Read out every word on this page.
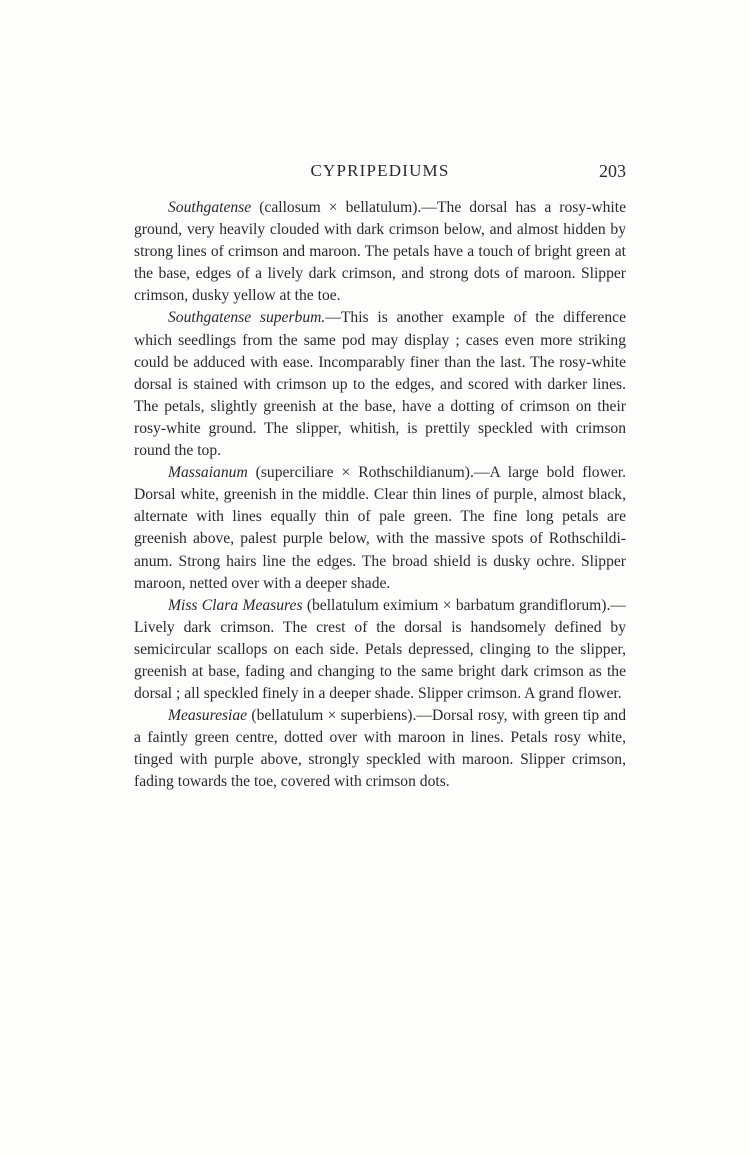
CYPRIPEDIUMS	203

Southgatense (callosum × bellatulum).—The dorsal has a rosy-white ground, very heavily clouded with dark crimson below, and almost hidden by strong lines of crimson and maroon. The petals have a touch of bright green at the base, edges of a lively dark crimson, and strong dots of maroon. Slipper crimson, dusky yellow at the toe.

Southgatense superbum.—This is another example of the difference which seedlings from the same pod may display ; cases even more striking could be adduced with ease. Incomparably finer than the last. The rosy-white dorsal is stained with crimson up to the edges, and scored with darker lines. The petals, slightly greenish at the base, have a dotting of crimson on their rosy-white ground. The slipper, whitish, is prettily speckled with crimson round the top.

Massaianum (superciliare × Rothschildianum).—A large bold flower. Dorsal white, greenish in the middle. Clear thin lines of purple, almost black, alternate with lines equally thin of pale green. The fine long petals are greenish above, palest purple below, with the massive spots of Rothschildianum. Strong hairs line the edges. The broad shield is dusky ochre. Slipper maroon, netted over with a deeper shade.

Miss Clara Measures (bellatulum eximium × barbatum grandiflorum).—Lively dark crimson. The crest of the dorsal is handsomely defined by semicircular scallops on each side. Petals depressed, clinging to the slipper, greenish at base, fading and changing to the same bright dark crimson as the dorsal ; all speckled finely in a deeper shade. Slipper crimson. A grand flower.

Measuresiae (bellatulum × superbiens).—Dorsal rosy, with green tip and a faintly green centre, dotted over with maroon in lines. Petals rosy white, tinged with purple above, strongly speckled with maroon. Slipper crimson, fading towards the toe, covered with crimson dots.
